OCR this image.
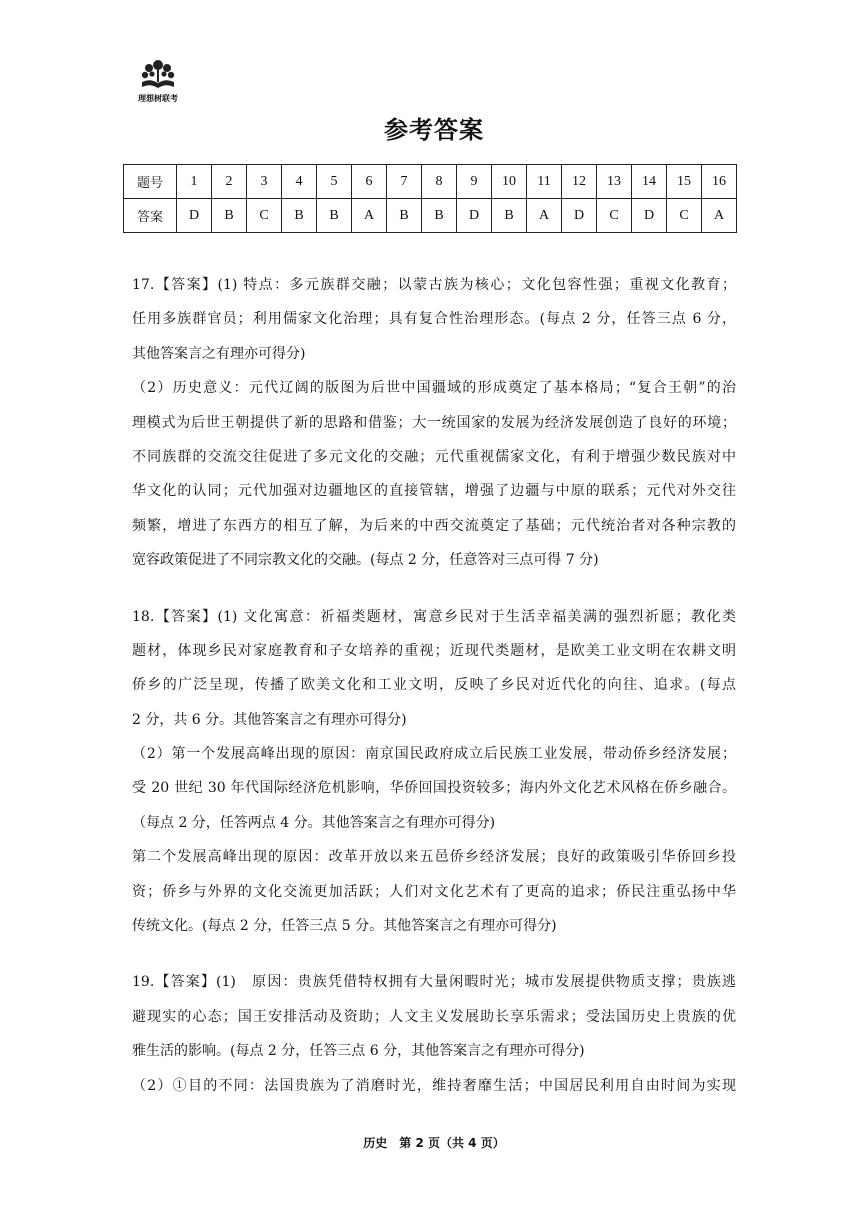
理想树联考
参考答案
题号	1	2	3	4	5	6	7	8	9	10	11	12	13	14	15	16
答案	D	B	C	B	B	A	B	B	D	B	A	D	C	D	C	A
17.【答案】(1) 特点：多元族群交融；以蒙古族为核心；文化包容性强；重视文化教育；
任用多族群官员；利用儒家文化治理；具有复合性治理形态。(每点 2 分，任答三点 6 分，
其他答案言之有理亦可得分)
（2）历史意义：元代辽阔的版图为后世中国疆域的形成奠定了基本格局；“复合王朝”的治
理模式为后世王朝提供了新的思路和借鉴；大一统国家的发展为经济发展创造了良好的环境；
不同族群的交流交往促进了多元文化的交融；元代重视儒家文化，有利于增强少数民族对中
华文化的认同；元代加强对边疆地区的直接管辖，增强了边疆与中原的联系；元代对外交往
频繁，增进了东西方的相互了解，为后来的中西交流奠定了基础；元代统治者对各种宗教的
宽容政策促进了不同宗教文化的交融。(每点 2 分，任意答对三点可得 7 分)
18.【答案】(1) 文化寓意：祈福类题材，寓意乡民对于生活幸福美满的强烈祈愿；教化类
题材，体现乡民对家庭教育和子女培养的重视；近现代类题材，是欧美工业文明在农耕文明
侨乡的广泛呈现，传播了欧美文化和工业文明，反映了乡民对近代化的向往、追求。(每点
2 分，共 6 分。其他答案言之有理亦可得分)
（2）第一个发展高峰出现的原因：南京国民政府成立后民族工业发展，带动侨乡经济发展；
受 20 世纪 30 年代国际经济危机影响，华侨回国投资较多；海内外文化艺术风格在侨乡融合。
（每点 2 分，任答两点 4 分。其他答案言之有理亦可得分)
第二个发展高峰出现的原因：改革开放以来五邑侨乡经济发展；良好的政策吸引华侨回乡投
资；侨乡与外界的文化交流更加活跃；人们对文化艺术有了更高的追求；侨民注重弘扬中华
传统文化。(每点 2 分，任答三点 5 分。其他答案言之有理亦可得分)
19.【答案】(1)　原因：贵族凭借特权拥有大量闲暇时光；城市发展提供物质支撑；贵族逃
避现实的心态；国王安排活动及资助；人文主义发展助长享乐需求；受法国历史上贵族的优
雅生活的影响。(每点 2 分，任答三点 6 分，其他答案言之有理亦可得分)
（2）①目的不同：法国贵族为了消磨时光，维持奢靡生活；中国居民利用自由时间为实现
历史　第 2 页（共 4 页）
